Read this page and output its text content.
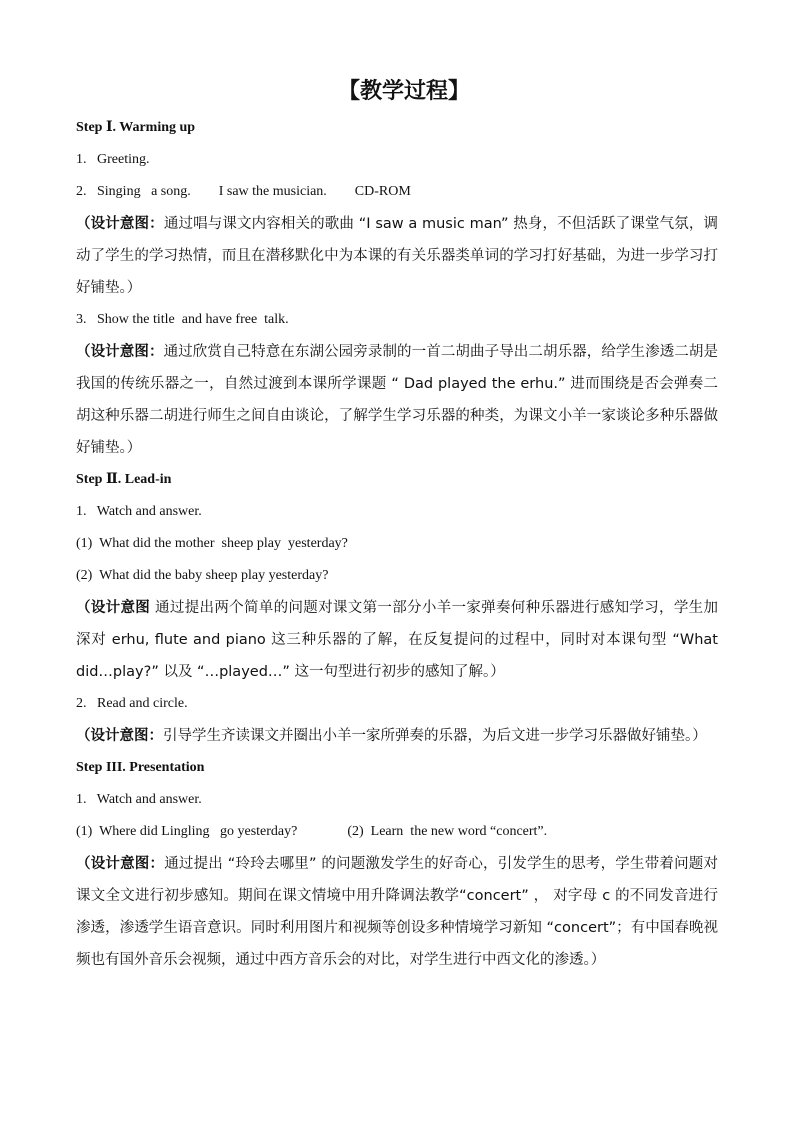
【教学过程】
Step Ⅰ. Warming up
1.   Greeting.
2.   Singing   a song.        I saw the musician.        CD-ROM

（设计意图：通过唱与课文内容相关的歌曲 “I saw a music man” 热身，不但活跃了课堂气氛，调动了学生的学习热情，而且在潜移默化中为本课的有关乐器类单词的学习打好基础，为进一步学习打好铺垫。）

3.   Show the title  and have free  talk.

（设计意图：通过欣赏自己特意在东湖公园旁录制的一首二胡曲子导出二胡乐器，给学生渗透二胡是我国的传统乐器之一，自然过渡到本课所学课题 “ Dad played the erhu.” 进而围绕是否会弹奏二胡这种乐器二胡进行师生之间自由谈论，了解学生学习乐器的种类，为课文小羊一家谈论多种乐器做好铺垫。）

Step Ⅱ. Lead-in
1.   Watch and answer.
(1)  What did the mother  sheep play  yesterday?
(2)  What did the baby sheep play yesterday?

（设计意图 通过提出两个简单的问题对课文第一部分小羊一家弹奏何种乐器进行感知学习，学生加深对 erhu, flute and piano 这三种乐器的了解，在反复提问的过程中，同时对本课句型 “What did…play?” 以及 “…played…” 这一句型进行初步的感知了解。）

2.   Read and circle.

（设计意图：引导学生齐读课文并圈出小羊一家所弹奏的乐器，为后文进一步学习乐器做好铺垫。）

Step III. Presentation
1.   Watch and answer.
(1)  Where did Lingling   go yesterday?	(2)  Learn  the new word “concert”.

（设计意图：通过提出 “玲玲去哪里” 的问题激发学生的好奇心，引发学生的思考，学生带着问题对课文全文进行初步感知。期间在课文情境中用升降调法教学“concert” ， 对字母 c 的不同发音进行渗透，渗透学生语音意识。同时利用图片和视频等创设多种情境学习新知 “concert”；有中国春晚视频也有国外音乐会视频，通过中西方音乐会的对比，对学生进行中西文化的渗透。）
